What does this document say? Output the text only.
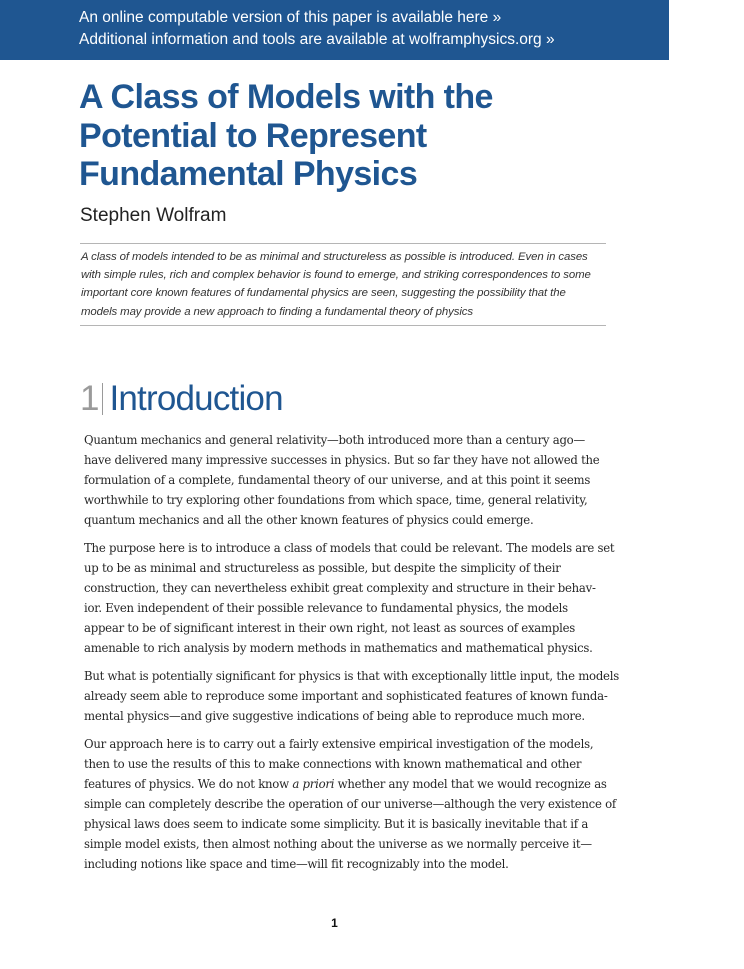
An online computable version of this paper is available here »
Additional information and tools are available at wolframphysics.org »
A Class of Models with the
Potential to Represent
Fundamental Physics
Stephen Wolfram
A class of models intended to be as minimal and structureless as possible is introduced. Even in cases
with simple rules, rich and complex behavior is found to emerge, and striking correspondences to some
important core known features of fundamental physics are seen, suggesting the possibility that the
models may provide a new approach to finding a fundamental theory of physics
1 Introduction
Quantum mechanics and general relativity—both introduced more than a century ago—
have delivered many impressive successes in physics. But so far they have not allowed the
formulation of a complete, fundamental theory of our universe, and at this point it seems
worthwhile to try exploring other foundations from which space, time, general relativity,
quantum mechanics and all the other known features of physics could emerge.
The purpose here is to introduce a class of models that could be relevant. The models are set
up to be as minimal and structureless as possible, but despite the simplicity of their
construction, they can nevertheless exhibit great complexity and structure in their behav-
ior. Even independent of their possible relevance to fundamental physics, the models
appear to be of significant interest in their own right, not least as sources of examples
amenable to rich analysis by modern methods in mathematics and mathematical physics.
But what is potentially significant for physics is that with exceptionally little input, the models
already seem able to reproduce some important and sophisticated features of known funda-
mental physics—and give suggestive indications of being able to reproduce much more.
Our approach here is to carry out a fairly extensive empirical investigation of the models,
then to use the results of this to make connections with known mathematical and other
features of physics. We do not know a priori whether any model that we would recognize as
simple can completely describe the operation of our universe—although the very existence of
physical laws does seem to indicate some simplicity. But it is basically inevitable that if a
simple model exists, then almost nothing about the universe as we normally perceive it—
including notions like space and time—will fit recognizably into the model.
1
